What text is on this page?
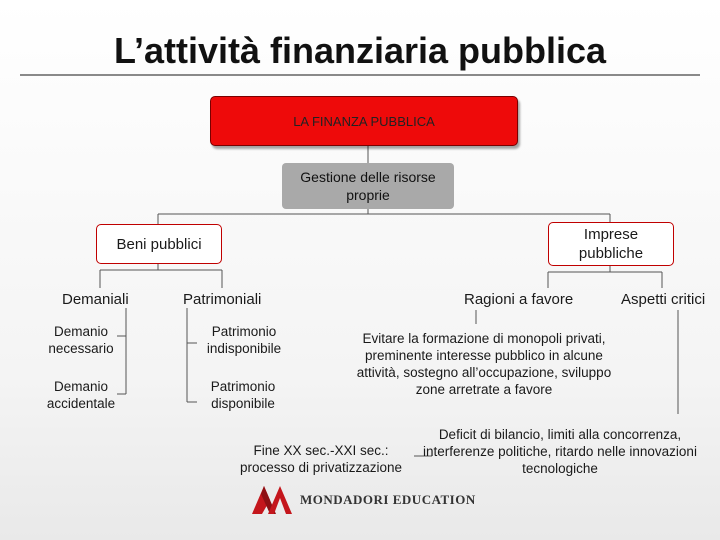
L’attività finanziaria pubblica
LA FINANZA PUBBLICA
Gestione delle risorse proprie
Beni pubblici
Imprese pubbliche
Demaniali	Patrimoniali	Ragioni a favore	Aspetti critici
Demanio necessario
Demanio accidentale
Patrimonio indisponibile
Patrimonio disponibile
Evitare la formazione di monopoli privati, preminente interesse pubblico in alcune attività, sostegno all’occupazione, sviluppo zone arretrate a favore
Deficit di bilancio, limiti alla concorrenza, interferenze politiche, ritardo nelle innovazioni tecnologiche
Fine XX sec.-XXI sec.: processo di privatizzazione
MONDADORI EDUCATION
